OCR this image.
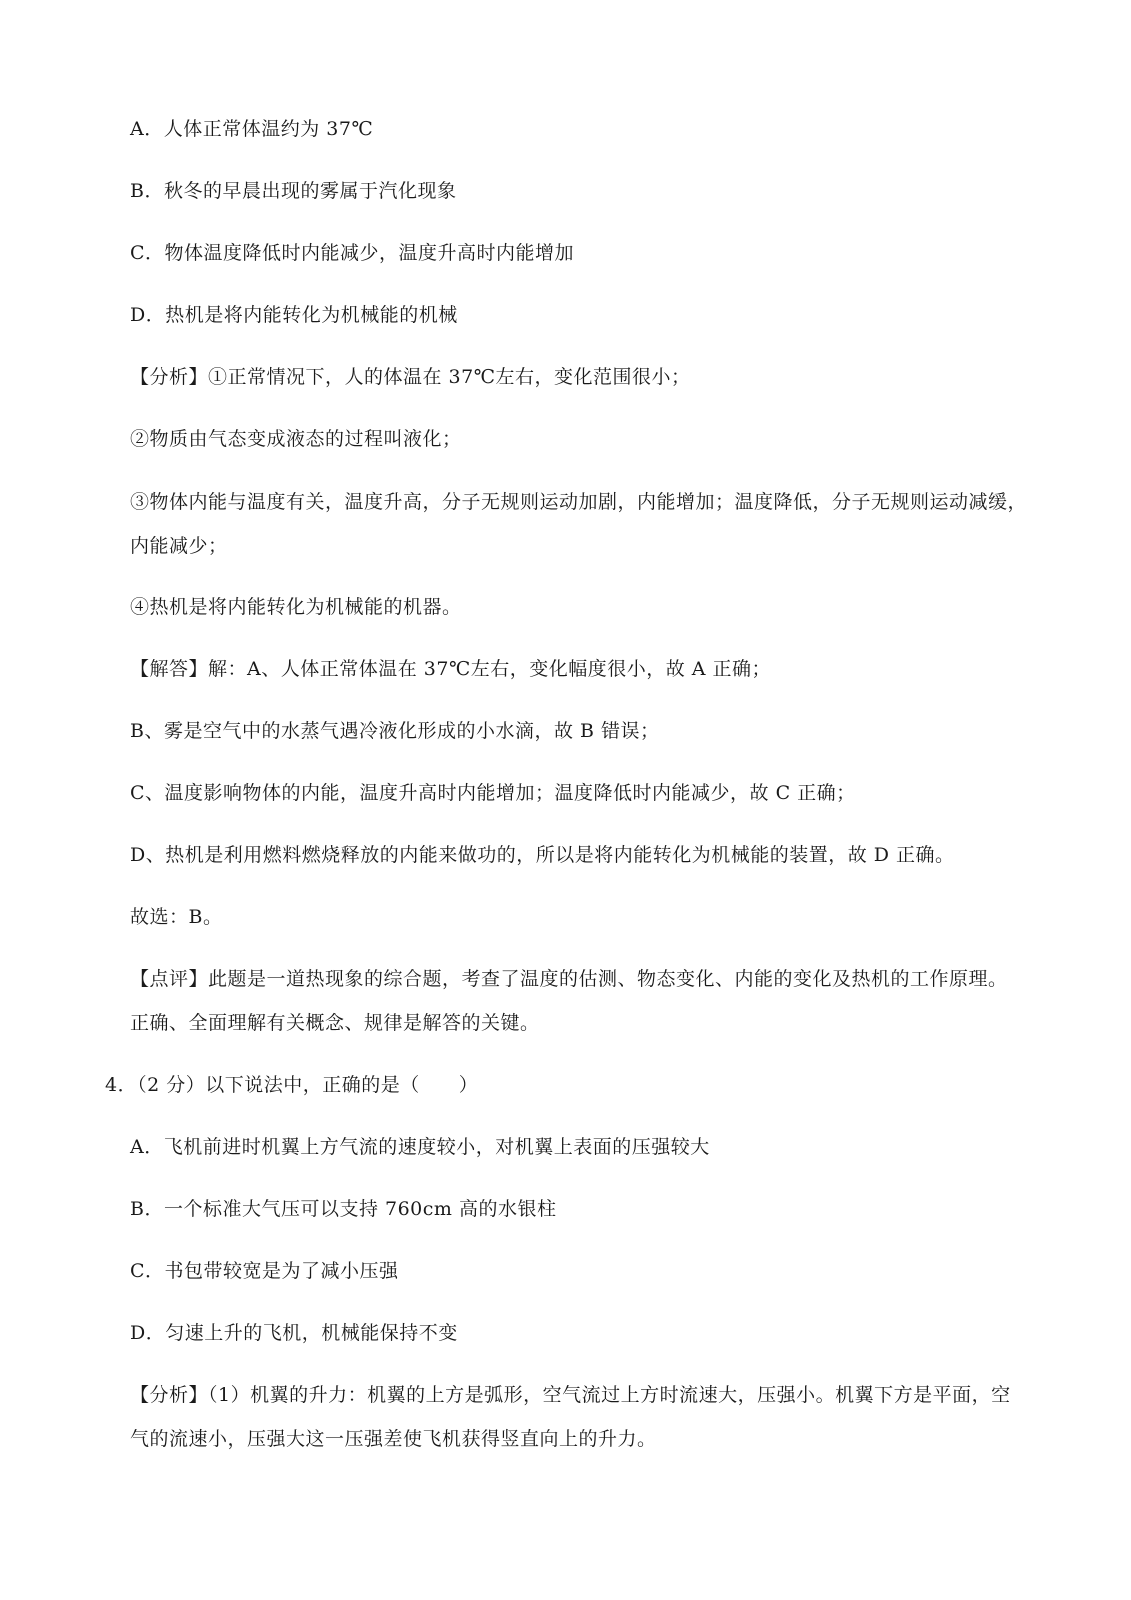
A．人体正常体温约为 37℃
B．秋冬的早晨出现的雾属于汽化现象
C．物体温度降低时内能减少，温度升高时内能增加
D．热机是将内能转化为机械能的机械
【分析】①正常情况下，人的体温在 37℃左右，变化范围很小；
②物质由气态变成液态的过程叫液化；
③物体内能与温度有关，温度升高，分子无规则运动加剧，内能增加；温度降低，分子无规则运动减缓，内能减少；
④热机是将内能转化为机械能的机器。
【解答】解：A、人体正常体温在 37℃左右，变化幅度很小，故 A 正确；
B、雾是空气中的水蒸气遇冷液化形成的小水滴，故 B 错误；
C、温度影响物体的内能，温度升高时内能增加；温度降低时内能减少，故 C 正确；
D、热机是利用燃料燃烧释放的内能来做功的，所以是将内能转化为机械能的装置，故 D 正确。
故选：B。
【点评】此题是一道热现象的综合题，考查了温度的估测、物态变化、内能的变化及热机的工作原理。
正确、全面理解有关概念、规律是解答的关键。
4．（2 分）以下说法中，正确的是（　　）
A．飞机前进时机翼上方气流的速度较小，对机翼上表面的压强较大
B．一个标准大气压可以支持 760cm 高的水银柱
C．书包带较宽是为了减小压强
D．匀速上升的飞机，机械能保持不变
【分析】（1）机翼的升力：机翼的上方是弧形，空气流过上方时流速大，压强小。机翼下方是平面，空
气的流速小，压强大这一压强差使飞机获得竖直向上的升力。
